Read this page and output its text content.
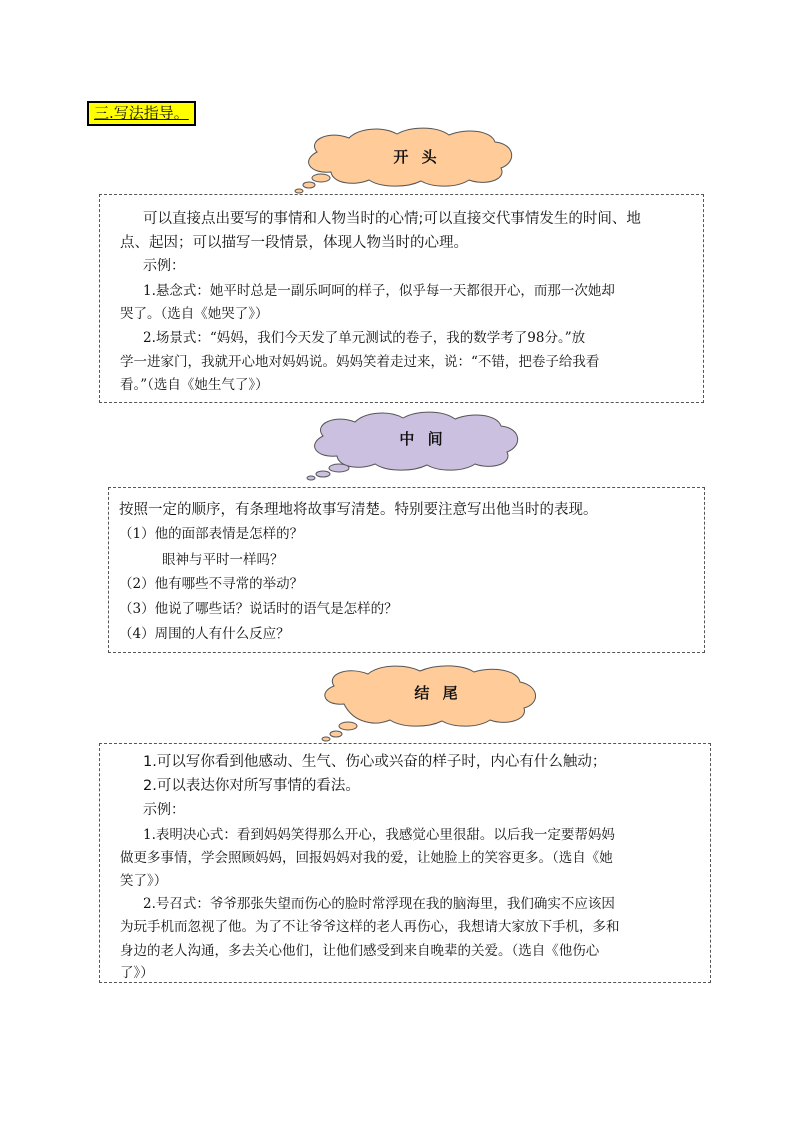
三.写法指导。
开 头
可以直接点出要写的事情和人物当时的心情;可以直接交代事情发生的时间、地
点、起因；可以描写一段情景，体现人物当时的心理。
示例：
1.悬念式：她平时总是一副乐呵呵的样子，似乎每一天都很开心，而那一次她却
哭了。（选自《她哭了》）
2.场景式：“妈妈，我们今天发了单元测试的卷子，我的数学考了98分。”放
学一进家门，我就开心地对妈妈说。妈妈笑着走过来，说：“不错，把卷子给我看
看。”（选自《她生气了》）
中 间
按照一定的顺序，有条理地将故事写清楚。特别要注意写出他当时的表现。
（1）他的面部表情是怎样的？
眼神与平时一样吗？
（2）他有哪些不寻常的举动？
（3）他说了哪些话？说话时的语气是怎样的？
（4）周围的人有什么反应？
结 尾
1.可以写你看到他感动、生气、伤心或兴奋的样子时，内心有什么触动；
2.可以表达你对所写事情的看法。
示例：
1.表明决心式：看到妈妈笑得那么开心，我感觉心里很甜。以后我一定要帮妈妈
做更多事情，学会照顾妈妈，回报妈妈对我的爱，让她脸上的笑容更多。（选自《她
笑了》）
2.号召式：爷爷那张失望而伤心的脸时常浮现在我的脑海里，我们确实不应该因
为玩手机而忽视了他。为了不让爷爷这样的老人再伤心，我想请大家放下手机，多和
身边的老人沟通，多去关心他们，让他们感受到来自晚辈的关爱。（选自《他伤心
了》）
